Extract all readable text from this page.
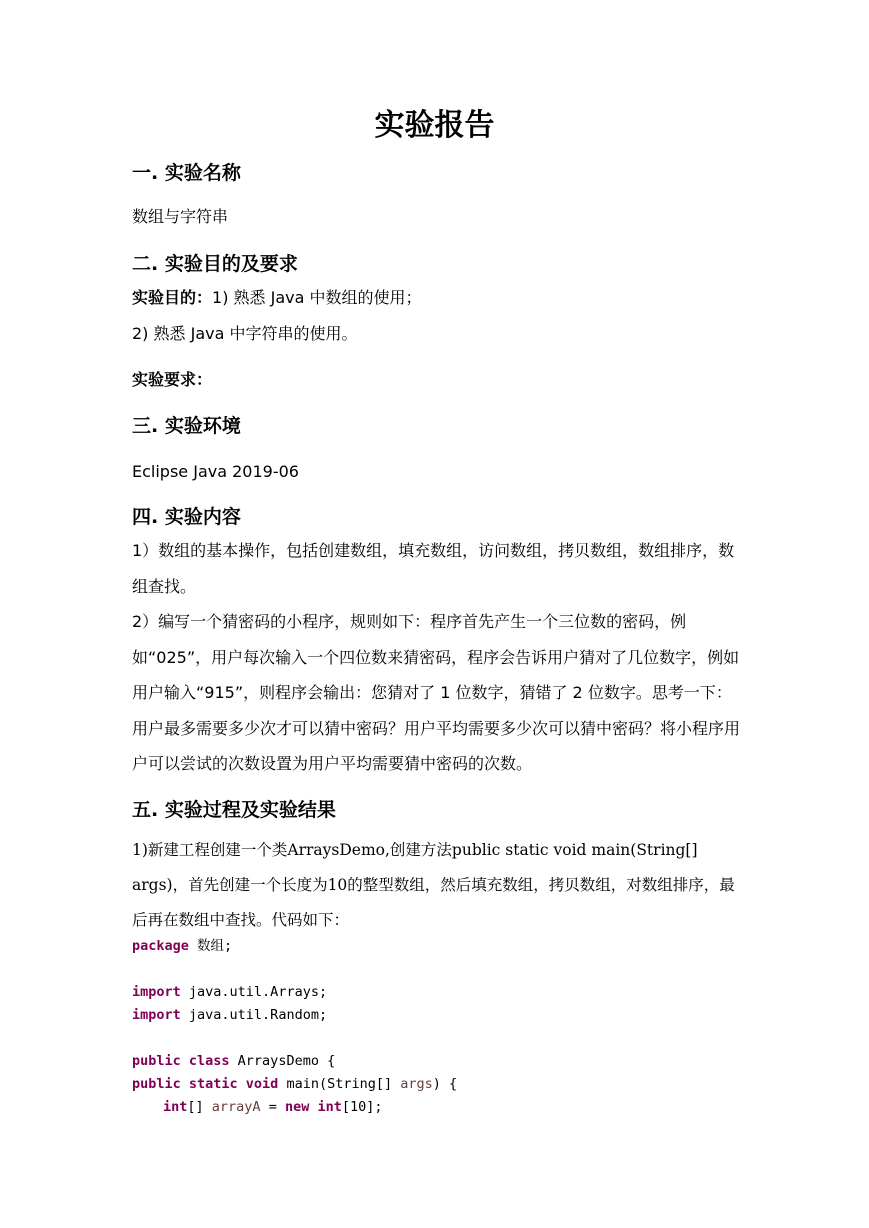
实验报告
一. 实验名称
数组与字符串
二. 实验目的及要求
实验目的：1) 熟悉 Java 中数组的使用；
2) 熟悉 Java 中字符串的使用。
实验要求：
三. 实验环境
Eclipse Java 2019-06
四. 实验内容
1）数组的基本操作，包括创建数组，填充数组，访问数组，拷贝数组，数组排序，数组查找。
2）编写一个猜密码的小程序，规则如下：程序首先产生一个三位数的密码，例如“025”，用户每次输入一个四位数来猜密码，程序会告诉用户猜对了几位数字，例如用户输入“915”，则程序会输出：您猜对了 1 位数字，猜错了 2 位数字。思考一下：用户最多需要多少次才可以猜中密码？用户平均需要多少次可以猜中密码？将小程序用户可以尝试的次数设置为用户平均需要猜中密码的次数。
五. 实验过程及实验结果
1)新建工程创建一个类ArraysDemo,创建方法public static void main(String[] args)，首先创建一个长度为10的整型数组，然后填充数组，拷贝数组，对数组排序，最后再在数组中查找。代码如下：
package 数组;
import java.util.Arrays;
import java.util.Random;
public class ArraysDemo {
public static void main(String[] args) {
int[] arrayA = new int[10];
